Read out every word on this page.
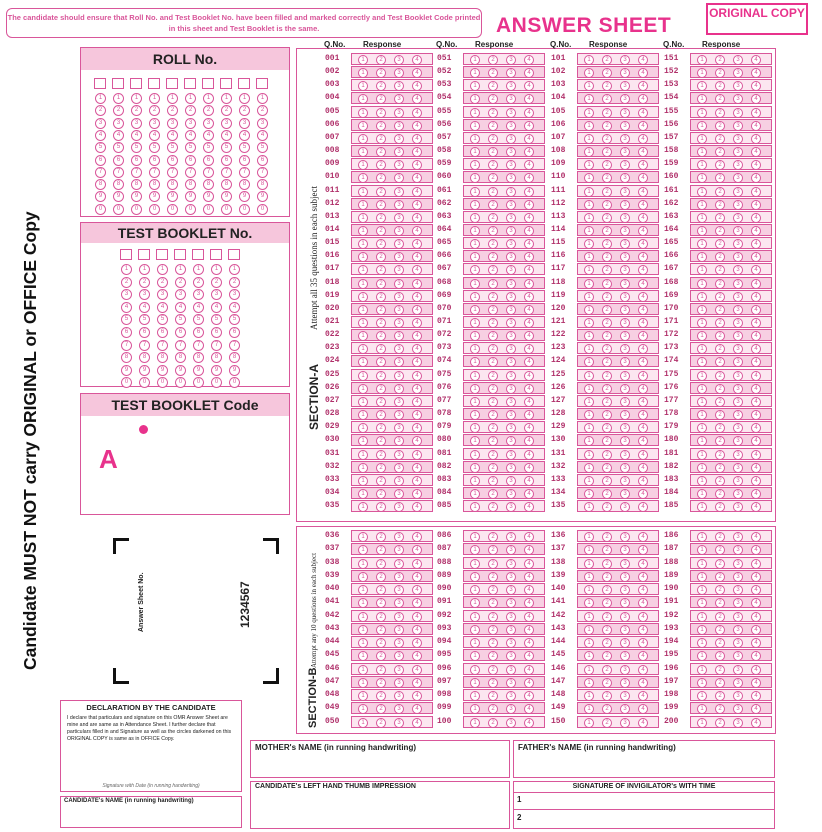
The candidate should ensure that Roll No. and Test Booklet No. have been filled and marked correctly and Test Booklet Code printed in this sheet and Test Booklet is the same.	ANSWER SHEET
ORIGINAL COPY
Candidate MUST NOT carry ORIGINAL or OFFICE Copy
ROLL No.
1
2
3
4
5
6
7
8
9
0
1
2
3
4
5
6
7
8
9
0
1
2
3
4
5
6
7
8
9
0
1
2
3
4
5
6
7
8
9
0
1
2
3
4
5
6
7
8
9
0
1
2
3
4
5
6
7
8
9
0
1
2
3
4
5
6
7
8
9
0
1
2
3
4
5
6
7
8
9
0
1
2
3
4
5
6
7
8
9
0
1
2
3
4
5
6
7
8
9
0
TEST BOOKLET No.
1
2
3
4
5
6
7
8
9
0
1
2
3
4
5
6
7
8
9
0
1
2
3
4
5
6
7
8
9
0
1
2
3
4
5
6
7
8
9
0
1
2
3
4
5
6
7
8
9
0
1
2
3
4
5
6
7
8
9
0
1
2
3
4
5
6
7
8
9
0
TEST BOOKLET Code
A
Answer Sheet No.	1234567
SECTION-A
Attempt all 35 questions in each subject
SECTION-B
Attempt any 10 questions in each subject
Q.No. Response	Q.No. Response	Q.No. Response	Q.No. Response
001	1	2	3	4
002	1	2	3	4
003	1	2	3	4
004	1	2	3	4
005	1	2	3	4
006	1	2	3	4
007	1	2	3	4
008	1	2	3	4
009	1	2	3	4
010	1	2	3	4
011	1	2	3	4
012	1	2	3	4
013	1	2	3	4
014	1	2	3	4
015	1	2	3	4
016	1	2	3	4
017	1	2	3	4
018	1	2	3	4
019	1	2	3	4
020	1	2	3	4
021	1	2	3	4
022	1	2	3	4
023	1	2	3	4
024	1	2	3	4
025	1	2	3	4
026	1	2	3	4
027	1	2	3	4
028	1	2	3	4
029	1	2	3	4
030	1	2	3	4
031	1	2	3	4
032	1	2	3	4
033	1	2	3	4
034	1	2	3	4
035	1	2	3	4
051	1	2	3	4
052	1	2	3	4
053	1	2	3	4
054	1	2	3	4
055	1	2	3	4
056	1	2	3	4
057	1	2	3	4
058	1	2	3	4
059	1	2	3	4
060	1	2	3	4
061	1	2	3	4
062	1	2	3	4
063	1	2	3	4
064	1	2	3	4
065	1	2	3	4
066	1	2	3	4
067	1	2	3	4
068	1	2	3	4
069	1	2	3	4
070	1	2	3	4
071	1	2	3	4
072	1	2	3	4
073	1	2	3	4
074	1	2	3	4
075	1	2	3	4
076	1	2	3	4
077	1	2	3	4
078	1	2	3	4
079	1	2	3	4
080	1	2	3	4
081	1	2	3	4
082	1	2	3	4
083	1	2	3	4
084	1	2	3	4
085	1	2	3	4
101	1	2	3	4
102	1	2	3	4
103	1	2	3	4
104	1	2	3	4
105	1	2	3	4
106	1	2	3	4
107	1	2	3	4
108	1	2	3	4
109	1	2	3	4
110	1	2	3	4
111	1	2	3	4
112	1	2	3	4
113	1	2	3	4
114	1	2	3	4
115	1	2	3	4
116	1	2	3	4
117	1	2	3	4
118	1	2	3	4
119	1	2	3	4
120	1	2	3	4
121	1	2	3	4
122	1	2	3	4
123	1	2	3	4
124	1	2	3	4
125	1	2	3	4
126	1	2	3	4
127	1	2	3	4
128	1	2	3	4
129	1	2	3	4
130	1	2	3	4
131	1	2	3	4
132	1	2	3	4
133	1	2	3	4
134	1	2	3	4
135	1	2	3	4
151	1	2	3	4
152	1	2	3	4
153	1	2	3	4
154	1	2	3	4
155	1	2	3	4
156	1	2	3	4
157	1	2	3	4
158	1	2	3	4
159	1	2	3	4
160	1	2	3	4
161	1	2	3	4
162	1	2	3	4
163	1	2	3	4
164	1	2	3	4
165	1	2	3	4
166	1	2	3	4
167	1	2	3	4
168	1	2	3	4
169	1	2	3	4
170	1	2	3	4
171	1	2	3	4
172	1	2	3	4
173	1	2	3	4
174	1	2	3	4
175	1	2	3	4
176	1	2	3	4
177	1	2	3	4
178	1	2	3	4
179	1	2	3	4
180	1	2	3	4
181	1	2	3	4
182	1	2	3	4
183	1	2	3	4
184	1	2	3	4
185	1	2	3	4
036	1	2	3	4
037	1	2	3	4
038	1	2	3	4
039	1	2	3	4
040	1	2	3	4
041	1	2	3	4
042	1	2	3	4
043	1	2	3	4
044	1	2	3	4
045	1	2	3	4
046	1	2	3	4
047	1	2	3	4
048	1	2	3	4
049	1	2	3	4
050	1	2	3	4
086	1	2	3	4
087	1	2	3	4
088	1	2	3	4
089	1	2	3	4
090	1	2	3	4
091	1	2	3	4
092	1	2	3	4
093	1	2	3	4
094	1	2	3	4
095	1	2	3	4
096	1	2	3	4
097	1	2	3	4
098	1	2	3	4
099	1	2	3	4
100	1	2	3	4
136	1	2	3	4
137	1	2	3	4
138	1	2	3	4
139	1	2	3	4
140	1	2	3	4
141	1	2	3	4
142	1	2	3	4
143	1	2	3	4
144	1	2	3	4
145	1	2	3	4
146	1	2	3	4
147	1	2	3	4
148	1	2	3	4
149	1	2	3	4
150	1	2	3	4
186	1	2	3	4
187	1	2	3	4
188	1	2	3	4
189	1	2	3	4
190	1	2	3	4
191	1	2	3	4
192	1	2	3	4
193	1	2	3	4
194	1	2	3	4
195	1	2	3	4
196	1	2	3	4
197	1	2	3	4
198	1	2	3	4
199	1	2	3	4
200	1	2	3	4
DECLARATION BY THE CANDIDATE
I declare that particulars and signature on this OMR Answer Sheet are mine and are same as in Attendance Sheet. I further declare that particulars filled in and Signature as well as the circles darkened on this ORIGINAL COPY is same as in OFFICE Copy.
Signature with Date (in running handwriting)
CANDIDATE's NAME (in running handwriting)
MOTHER's NAME (in running handwriting)	FATHER's NAME (in running handwriting)
CANDIDATE's LEFT HAND THUMB IMPRESSION	SIGNATURE OF INVIGILATOR's WITH TIME
1
2
